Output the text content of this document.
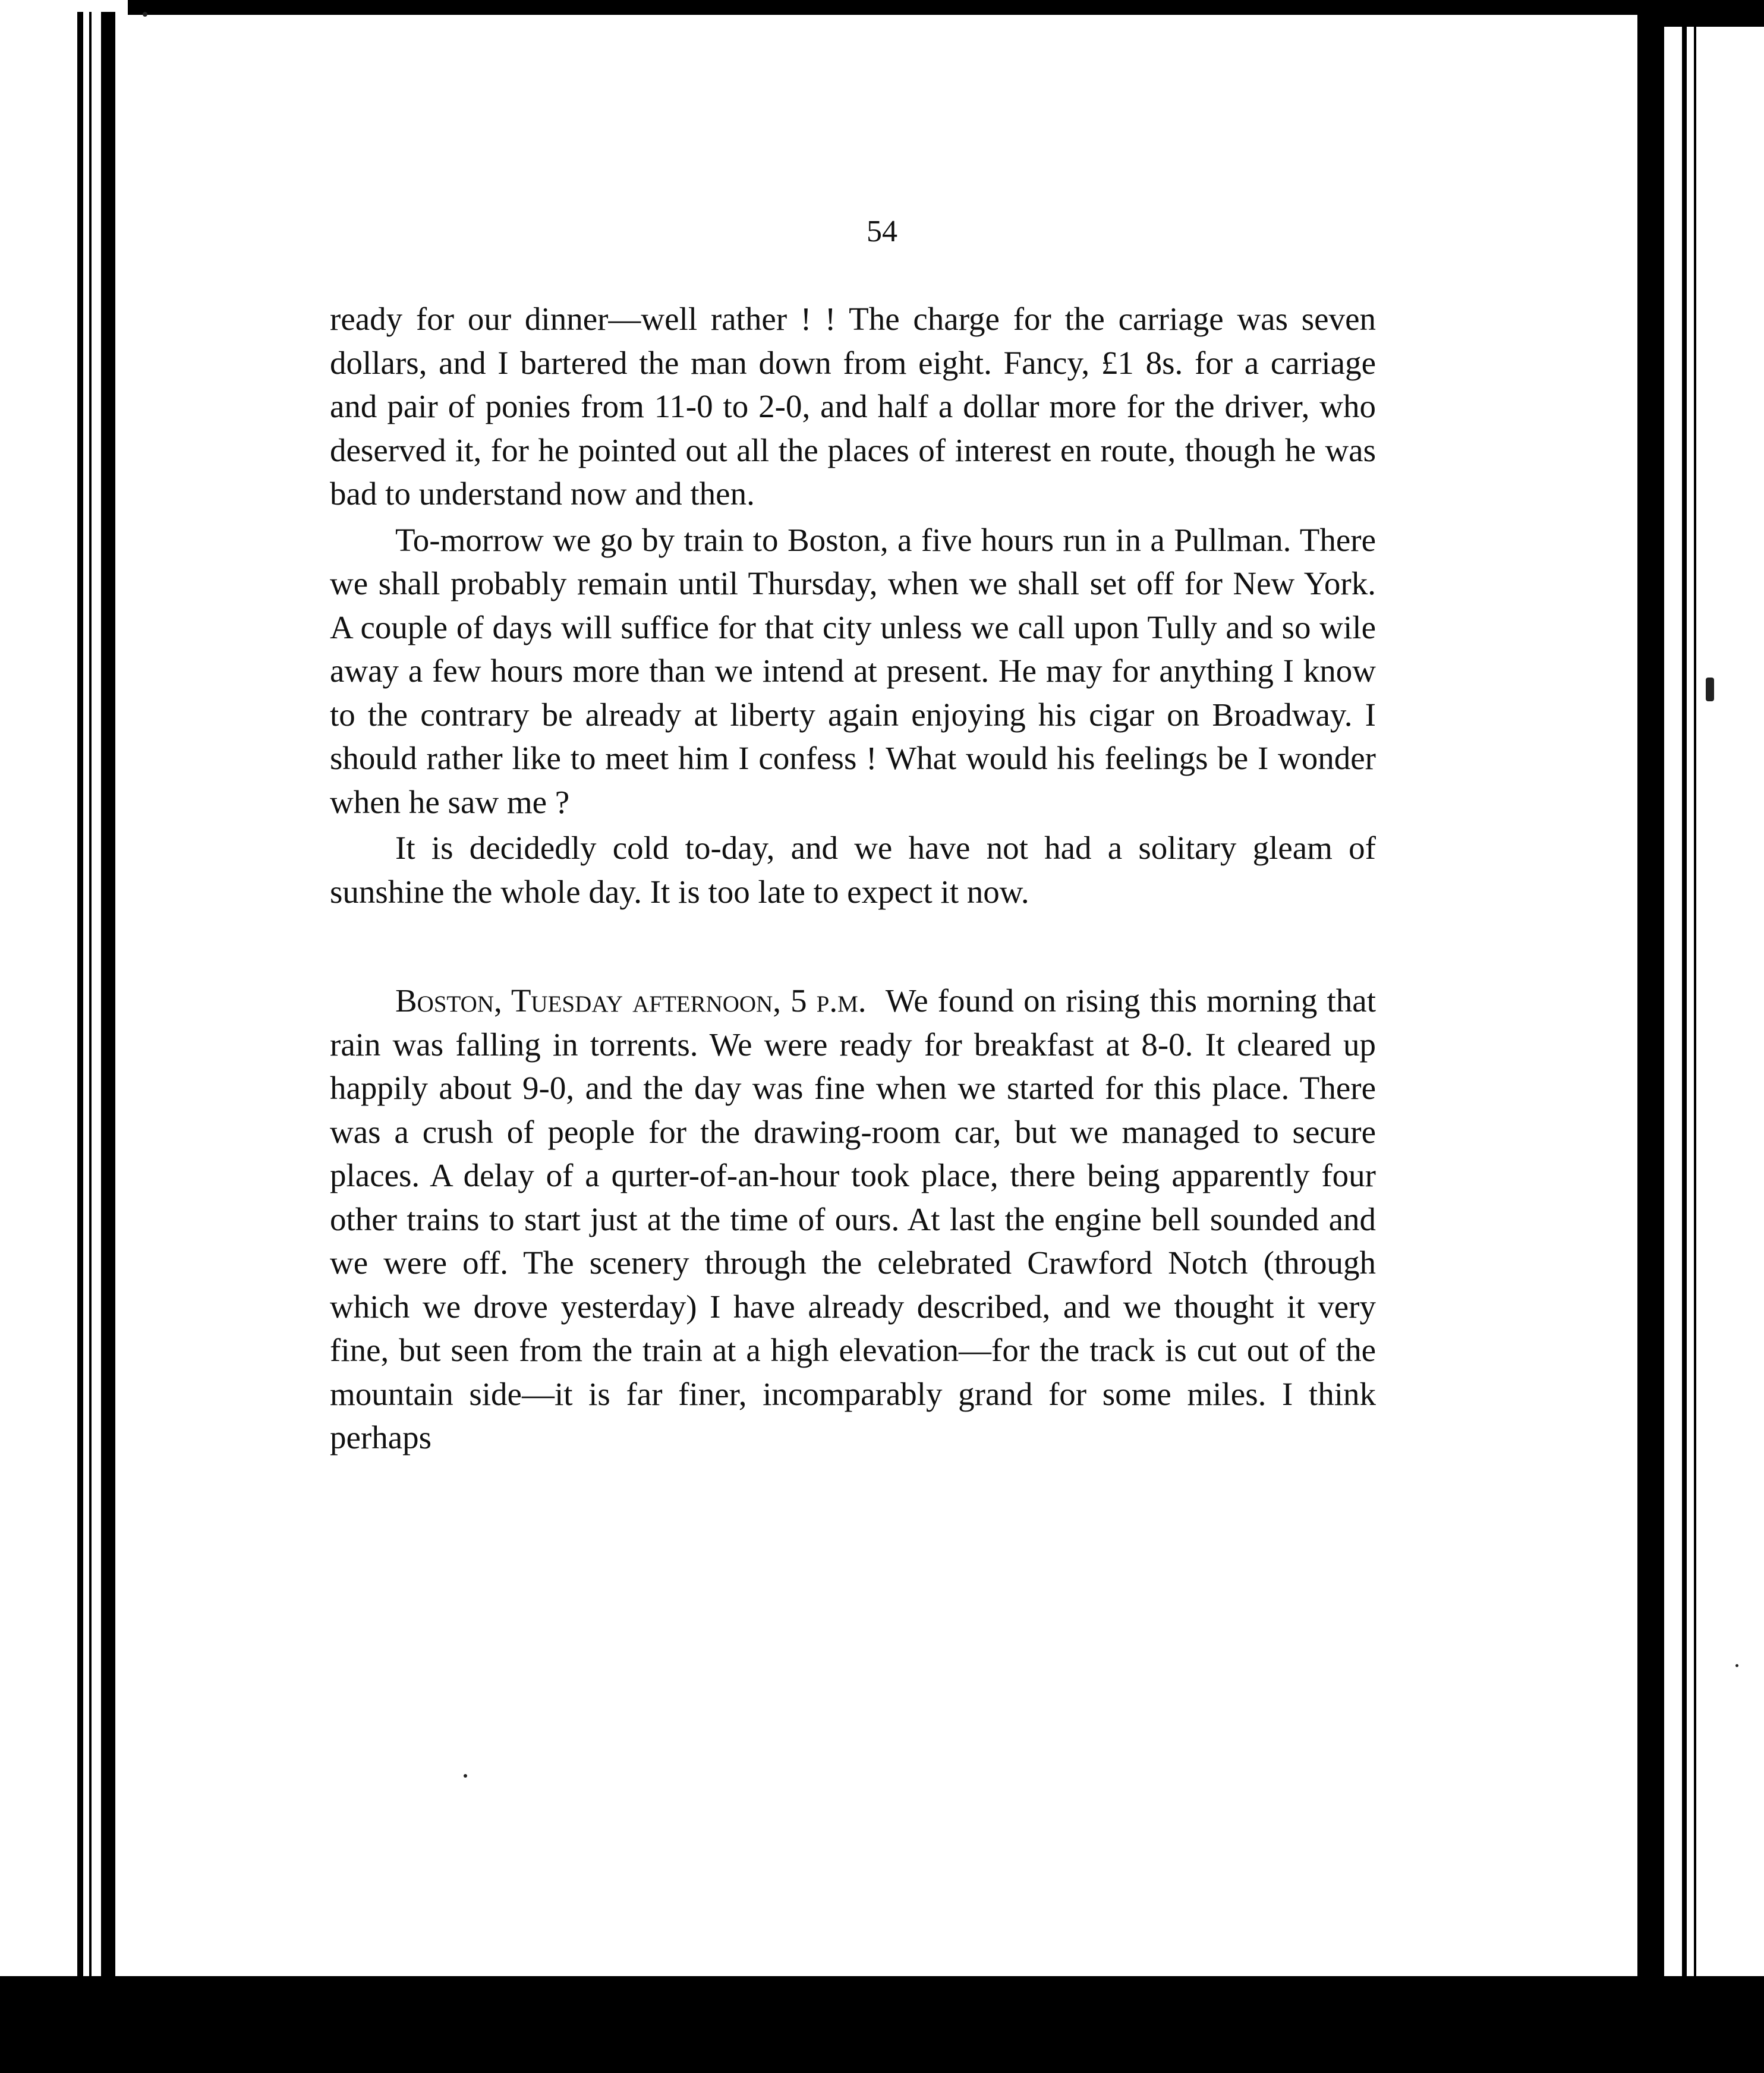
54

ready for our dinner—well rather ! ! The charge for the carriage was seven dollars, and I bartered the man down from eight. Fancy, £1 8s. for a carriage and pair of ponies from 11-0 to 2-0, and half a dollar more for the driver, who deserved it, for he pointed out all the places of interest en route, though he was bad to understand now and then.

To-morrow we go by train to Boston, a five hours run in a Pullman. There we shall probably remain until Thursday, when we shall set off for New York. A couple of days will suffice for that city unless we call upon Tully and so wile away a few hours more than we intend at present. He may for anything I know to the contrary be already at liberty again enjoying his cigar on Broadway. I should rather like to meet him I confess ! What would his feelings be I wonder when he saw me ?

It is decidedly cold to-day, and we have not had a solitary gleam of sunshine the whole day. It is too late to expect it now.

Boston, Tuesday afternoon, 5 p.m. We found on rising this morning that rain was falling in torrents. We were ready for breakfast at 8-0. It cleared up happily about 9-0, and the day was fine when we started for this place. There was a crush of people for the drawing-room car, but we managed to secure places. A delay of a qurter-of-an-hour took place, there being apparently four other trains to start just at the time of ours. At last the engine bell sounded and we were off. The scenery through the celebrated Crawford Notch (through which we drove yesterday) I have already described, and we thought it very fine, but seen from the train at a high elevation—for the track is cut out of the mountain side—it is far finer, incomparably grand for some miles. I think perhaps
